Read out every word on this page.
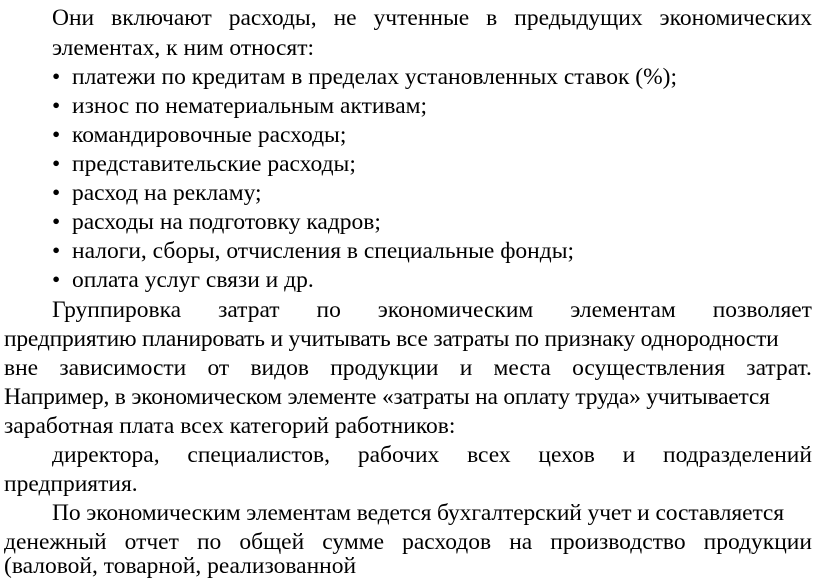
Они включают расходы, не учтенные в предыдущих экономических
элементах, к ним относят:
• платежи по кредитам в пределах установленных ставок (%);
• износ по нематериальным активам;
• командировочные расходы;
• представительские расходы;
• расход на рекламу;
• расходы на подготовку кадров;
• налоги, сборы, отчисления в специальные фонды;
• оплата услуг связи и др.
Группировка затрат по экономическим элементам позволяет
предприятию планировать и учитывать все затраты по признаку однородности
вне зависимости от видов продукции и места осуществления затрат.
Например, в экономическом элементе «затраты на оплату труда» учитывается
заработная плата всех категорий работников:
директора, специалистов, рабочих всех цехов и подразделений
предприятия.
По экономическим элементам ведется бухгалтерский учет и составляется
денежный отчет по общей сумме расходов на производство продукции
(валовой, товарной, реализованной
